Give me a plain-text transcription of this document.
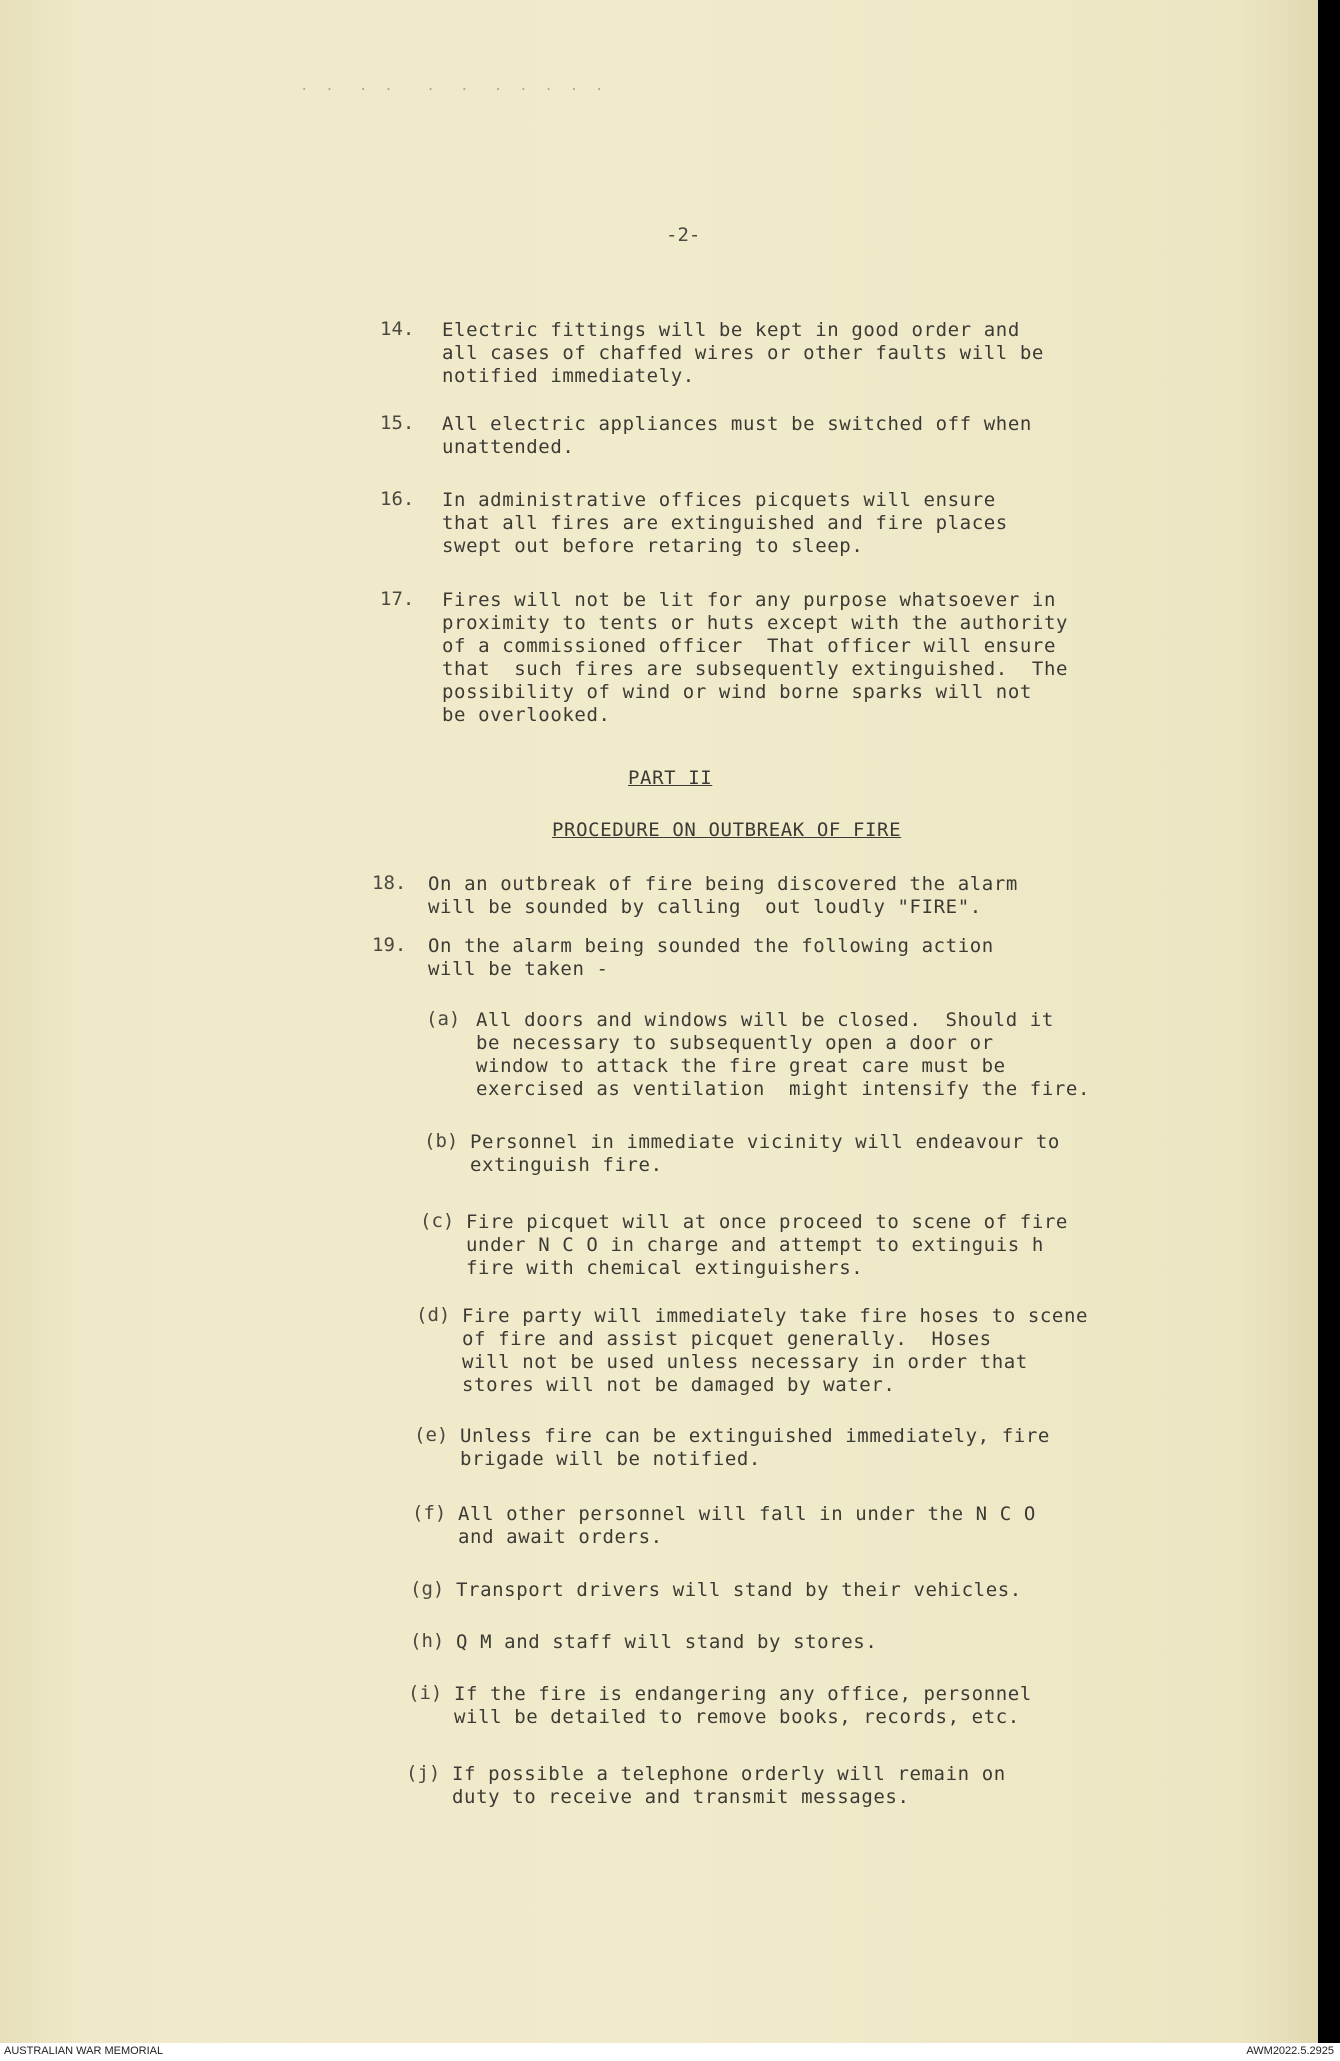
·  ·   ·  ·    ·   ·   ·  ·  ·  ·  ·
-2-
14. Electric fittings will be kept in good order and
all cases of chaffed wires or other faults will be
notified immediately.
15. All electric appliances must be switched off when
unattended.
16. In administrative offices picquets will ensure
that all fires are extinguished and fire places
swept out before retaring to sleep.
17. Fires will not be lit for any purpose whatsoever in
proximity to tents or huts except with the authority
of a commissioned officer  That officer will ensure
that  such fires are subsequently extinguished.  The
possibility of wind or wind borne sparks will not
be overlooked.
PART II
PROCEDURE ON OUTBREAK OF FIRE
18. On an outbreak of fire being discovered the alarm
will be sounded by calling  out loudly "FIRE".
19. On the alarm being sounded the following action
will be taken -
(a) All doors and windows will be closed.  Should it
be necessary to subsequently open a door or
window to attack the fire great care must be
exercised as ventilation  might intensify the fire.
(b) Personnel in immediate vicinity will endeavour to
extinguish fire.
(c) Fire picquet will at once proceed to scene of fire
under N C O in charge and attempt to extinguis h
fire with chemical extinguishers.
(d) Fire party will immediately take fire hoses to scene
of fire and assist picquet generally.  Hoses
will not be used unless necessary in order that
stores will not be damaged by water.
(e) Unless fire can be extinguished immediately, fire
brigade will be notified.
(f) All other personnel will fall in under the N C O
and await orders.
(g) Transport drivers will stand by their vehicles.
(h) Q M and staff will stand by stores.
(i) If the fire is endangering any office, personnel
will be detailed to remove books, records, etc.
(j) If possible a telephone orderly will remain on
duty to receive and transmit messages.
AUSTRALIAN WAR MEMORIAL	AWM2022.5.2925
